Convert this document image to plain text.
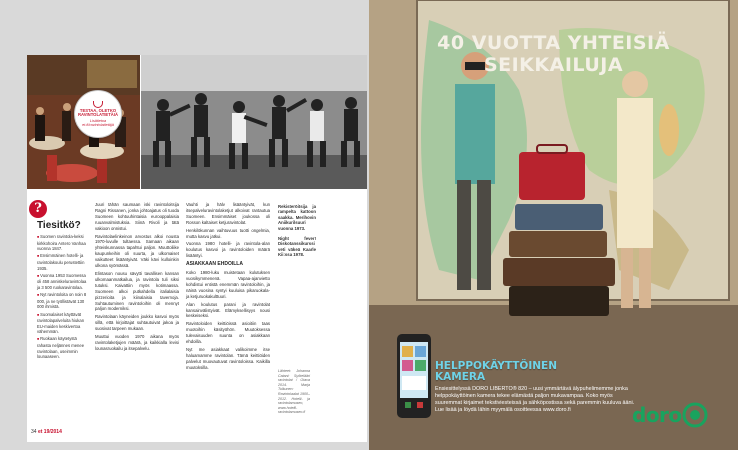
TESTAA, OLETKO RAVINTOLATIETÄIÄ
Lisätietoa et.fi/ravintolatietäjä
?
Tiesitkö?
■ Suomen ravintola-keksi kirkkohoira Antero Vanhaa vuonna 1847.
■ Ensimmäinen hotelli- ja ravintolakoulu perustettiin 1935.
■ Vuonna 1953 Suomessa oli 458 anniskeluravintolaa ja 3 500 ruokaravintolaa.
■ Nyt ravintoloita on noin 8 000, ja ne työllistävät 130 000 ihmistä.
■ Suomalaiset käyttävät ravintolapalveluita hiukan EU-maiden keskivertoa vähemmän.
■ Ruokaan käytetystä rahasta neljännes menee ravintolaan, useimmin lounaaseen.

Juuri tähän saumaan iski ravintoloitsija Ragni Rissanen, jonka johtoajatus oli tuoda Suomeen kohtuuhintaisia eurooppalaisia ruuanvalmistuksia. Siinä Rivoli ja tätä vakioon onnistui.

Ravintolaelinkeinon arvostus alkoi nousta 1970-luvulle tultaessa. Samaan aikaan yhteiskunnassa tapahtui paljon. Muuttoliike kaupunkeihin oli suurta, ja ulkomaiset vaikutteet lisääntyivät. Väki kävi kulloinkin ulkona syömässä.

Elintason nousu sävytti tavallisen kansan ulkomaanmatkailua, ja ravintola tuli siksi tutuksi. Kaivattiin myös kotimaassa. Suomeen alkoi putkahdella italialaisia pizzerioita ja kiinalaisia tavernoja. Suhtautuminen ravintoloihin oli mennyt paljon moderniksi.

Ravintolaan käyneiden joukko kasvoi myös sillä, että kirjoittajat suhtautuivat jakoa ja suosivat tarpeen mukaan.

Muuttui vuoden 1970 aikana myös ravintolaketjujen määrä, ja kaikkialla levisi lounasruokailu ja itsepalvelu.

Vauhti ja hälv lisääntyivät, kun itsepalveluravintolaketjut alkoivat rantautua Suomeen. Ensimmäiset joukossa oli Rosson kaltaiset ketjuravintolat.

Henkilökunnan vaihtuvuus tuotti ongelmia, mutta kasvu jatkui.

Vuonna 1980 hotelli- ja ravintola-alan koulutus kasvoi ja ravintoloiden määrä lisääntyi.

ASIAKKAAN EHDOILLA

Koko 1980-luku muistetaan kulutuksen vuosikymmenenä. Vapaa-ajanvietto kohdistui entistä enemmän ravintoloihin, ja näinä vuosina syntyi kuuluisa pikaruokala- ja ketjuruokakulttuuri.

Alan koulutus parani ja ravintolat kansainvälistyivät. Elämyksellisyys nousi keskeiseksi.

Ravintoloiden keittiöissä asioitiin taas muotoihin käsityöhön. Muutoksessa tulevaisuuden suunta on asiakkaan ehdoilla.

Nyt me asiakkaat valikoimme itse haluamamme ravintolan. Tämä keittiöiden palvelut muovautuvat ravintoloissa. Kaikilla muutoksilla.

Rekisteröitsija ja rampelta kattoon saakka. Merihovin Aniikurilsuuri vuonna 1973.

Night fever! Diskotanssikurssi veti väkeä Kaarle Kii:ssa 1978.

Lähteet: Johanna Catani: Syötelääri ravintolat / Otava 2014. Marja Tulkunen: Ravintolaalat 1900–2012. Hotelli- ja ravintolamuseo, www.hotelli-ravintolamuseo.fi
34 et 19/2014
40 VUOTTA YHTEISIÄ SEIKKAILUJA
HELPPOKÄYTTÖINEN
KAMERA
Ensiesittelyssä DORO LIBERTO® 820 – uusi ymmärtävä älypuhelimemme jonka helppokäyttöinen kamera tekee elämästä paljon mukavampaa. Koko myös suuremmat kirjaimet tekstiviesteissä ja sähköpostissa sekä paremmin kuuluva ääni. Lue lisää ja löydä lähin myymälä osoitteessa www.doro.fi	doro
